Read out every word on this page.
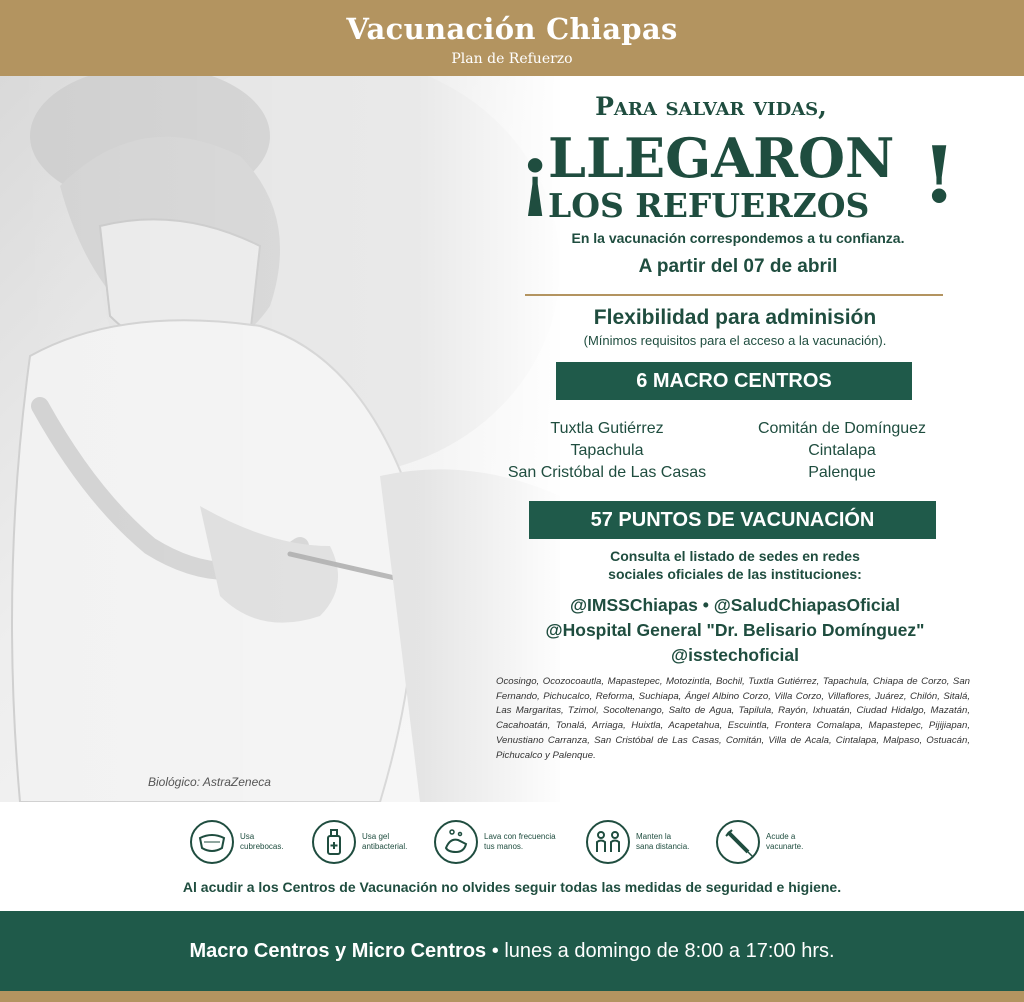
Vacunación Chiapas
Plan de Refuerzo
Biológico: AstraZeneca
Para salvar vidas,
¡
LLEGARON
LOS REFUERZOS !
En la vacunación correspondemos a tu confianza.
A partir del 07 de abril
Flexibilidad para adminisión
(Mínimos requisitos para el acceso a la vacunación).
6 MACRO CENTROS
Tuxtla Gutiérrez
Tapachula
San Cristóbal de Las Casas
Comitán de Domínguez
Cintalapa
Palenque
57 PUNTOS DE VACUNACIÓN
Consulta el listado de sedes en redes
sociales oficiales de las instituciones:
@IMSSChiapas • @SaludChiapasOficial
@Hospital General "Dr. Belisario Domínguez"
@isstechoficial
Ocosingo, Ocozocoautla, Mapastepec, Motozintla, Bochil, Tuxtla Gutiérrez, Tapachula, Chiapa de Corzo, San Fernando, Pichucalco, Reforma, Suchiapa, Ángel Albino Corzo, Villa Corzo, Villaflores, Juárez, Chilón, Sitalá, Las Margaritas, Tzimol, Socoltenango, Salto de Agua, Tapilula, Rayón, Ixhuatán, Ciudad Hidalgo, Mazatán, Cacahoatán, Tonalá, Arriaga, Huixtla, Acapetahua, Escuintla, Frontera Comalapa, Mapastepec, Pijijiapan, Venustiano Carranza, San Cristóbal de Las Casas, Comitán, Villa de Acala, Cintalapa, Malpaso, Ostuacán, Pichucalco y Palenque.
Usa
cubrebocas.
Usa gel
antibacterial.
Lava con frecuencia
tus manos.
Manten la
sana distancia.
Acude a
vacunarte.
Al acudir a los Centros de Vacunación no olvides seguir todas las medidas de seguridad e higiene.
Macro Centros y Micro Centros • lunes a domingo de 8:00 a 17:00 hrs.
